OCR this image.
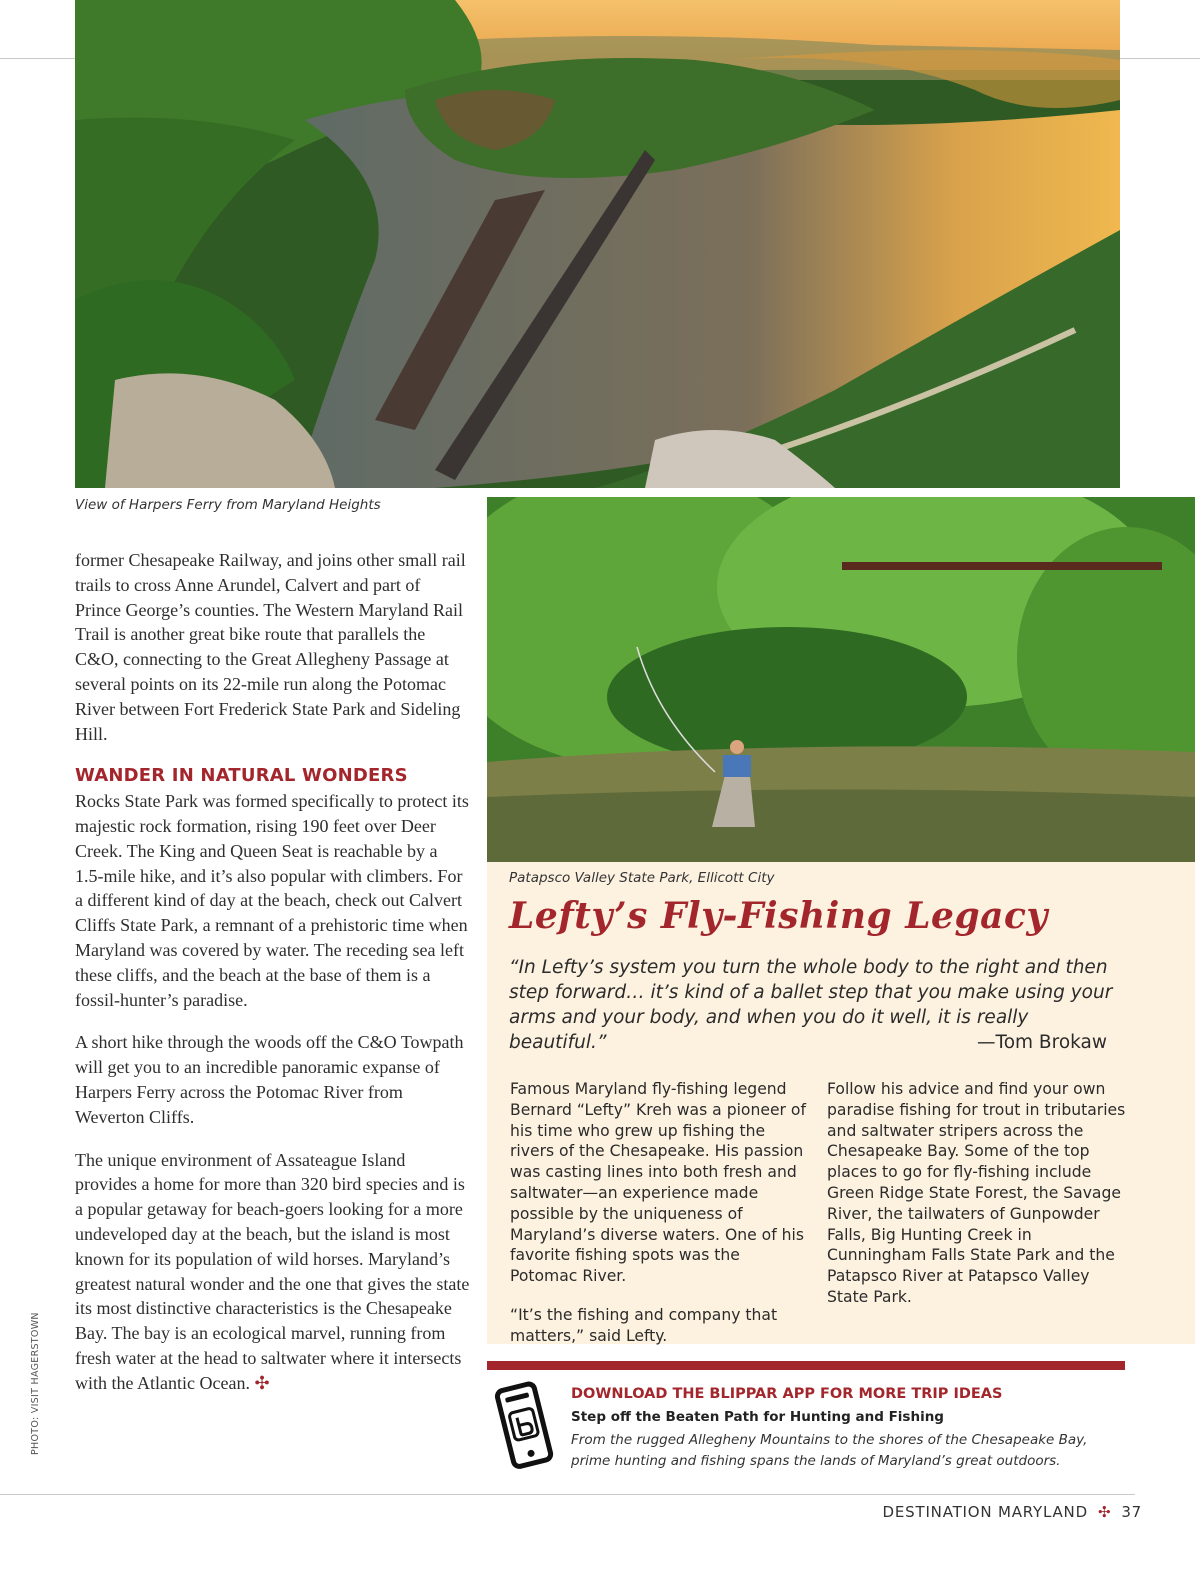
View of Harpers Ferry from Maryland Heights

former Chesapeake Railway, and joins other small rail trails to cross Anne Arundel, Calvert and part of Prince George’s counties. The Western Maryland Rail Trail is another great bike route that parallels the C&O, connecting to the Great Allegheny Passage at several points on its 22-mile run along the Potomac River between Fort Frederick State Park and Sideling Hill.

WANDER IN NATURAL WONDERS

Rocks State Park was formed specifically to protect its majestic rock formation, rising 190 feet over Deer Creek. The King and Queen Seat is reachable by a 1.5-mile hike, and it’s also popular with climbers. For a different kind of day at the beach, check out Calvert Cliffs State Park, a remnant of a prehistoric time when Maryland was covered by water. The receding sea left these cliffs, and the beach at the base of them is a fossil-hunter’s paradise.

A short hike through the woods off the C&O Towpath will get you to an incredible panoramic expanse of Harpers Ferry across the Potomac River from Weverton Cliffs.

The unique environment of Assateague Island provides a home for more than 320 bird species and is a popular getaway for beach-goers looking for a more undeveloped day at the beach, but the island is most known for its population of wild horses. Maryland’s greatest natural wonder and the one that gives the state its most distinctive characteristics is the Chesapeake Bay. The bay is an ecological marvel, running from fresh water at the head to saltwater where it intersects with the Atlantic Ocean. ✣

PHOTO: VISIT HAGERSTOWN
Patapsco Valley State Park, Ellicott City
Lefty’s Fly-Fishing Legacy
“In Lefty’s system you turn the whole body to the right and then step forward… it’s kind of a ballet step that you make using your arms and your body, and when you do it well, it is really beautiful.”	—Tom Brokaw

Famous Maryland fly-fishing legend Bernard “Lefty” Kreh was a pioneer of his time who grew up fishing the rivers of the Chesapeake. His passion was casting lines into both fresh and saltwater—an experience made possible by the uniqueness of Maryland’s diverse waters. One of his favorite fishing spots was the Potomac River.

“It’s the fishing and company that matters,” said Lefty.

Follow his advice and find your own paradise fishing for trout in tributaries and saltwater stripers across the Chesapeake Bay. Some of the top places to go for fly-fishing include Green Ridge State Forest, the Savage River, the tailwaters of Gunpowder Falls, Big Hunting Creek in Cunningham Falls State Park and the Patapsco River at Patapsco Valley State Park.

DOWNLOAD THE BLIPPAR APP FOR MORE TRIP IDEAS
Step off the Beaten Path for Hunting and Fishing
From the rugged Allegheny Mountains to the shores of the Chesapeake Bay, prime hunting and fishing spans the lands of Maryland’s great outdoors.
DESTINATION MARYLAND ✣ 37
